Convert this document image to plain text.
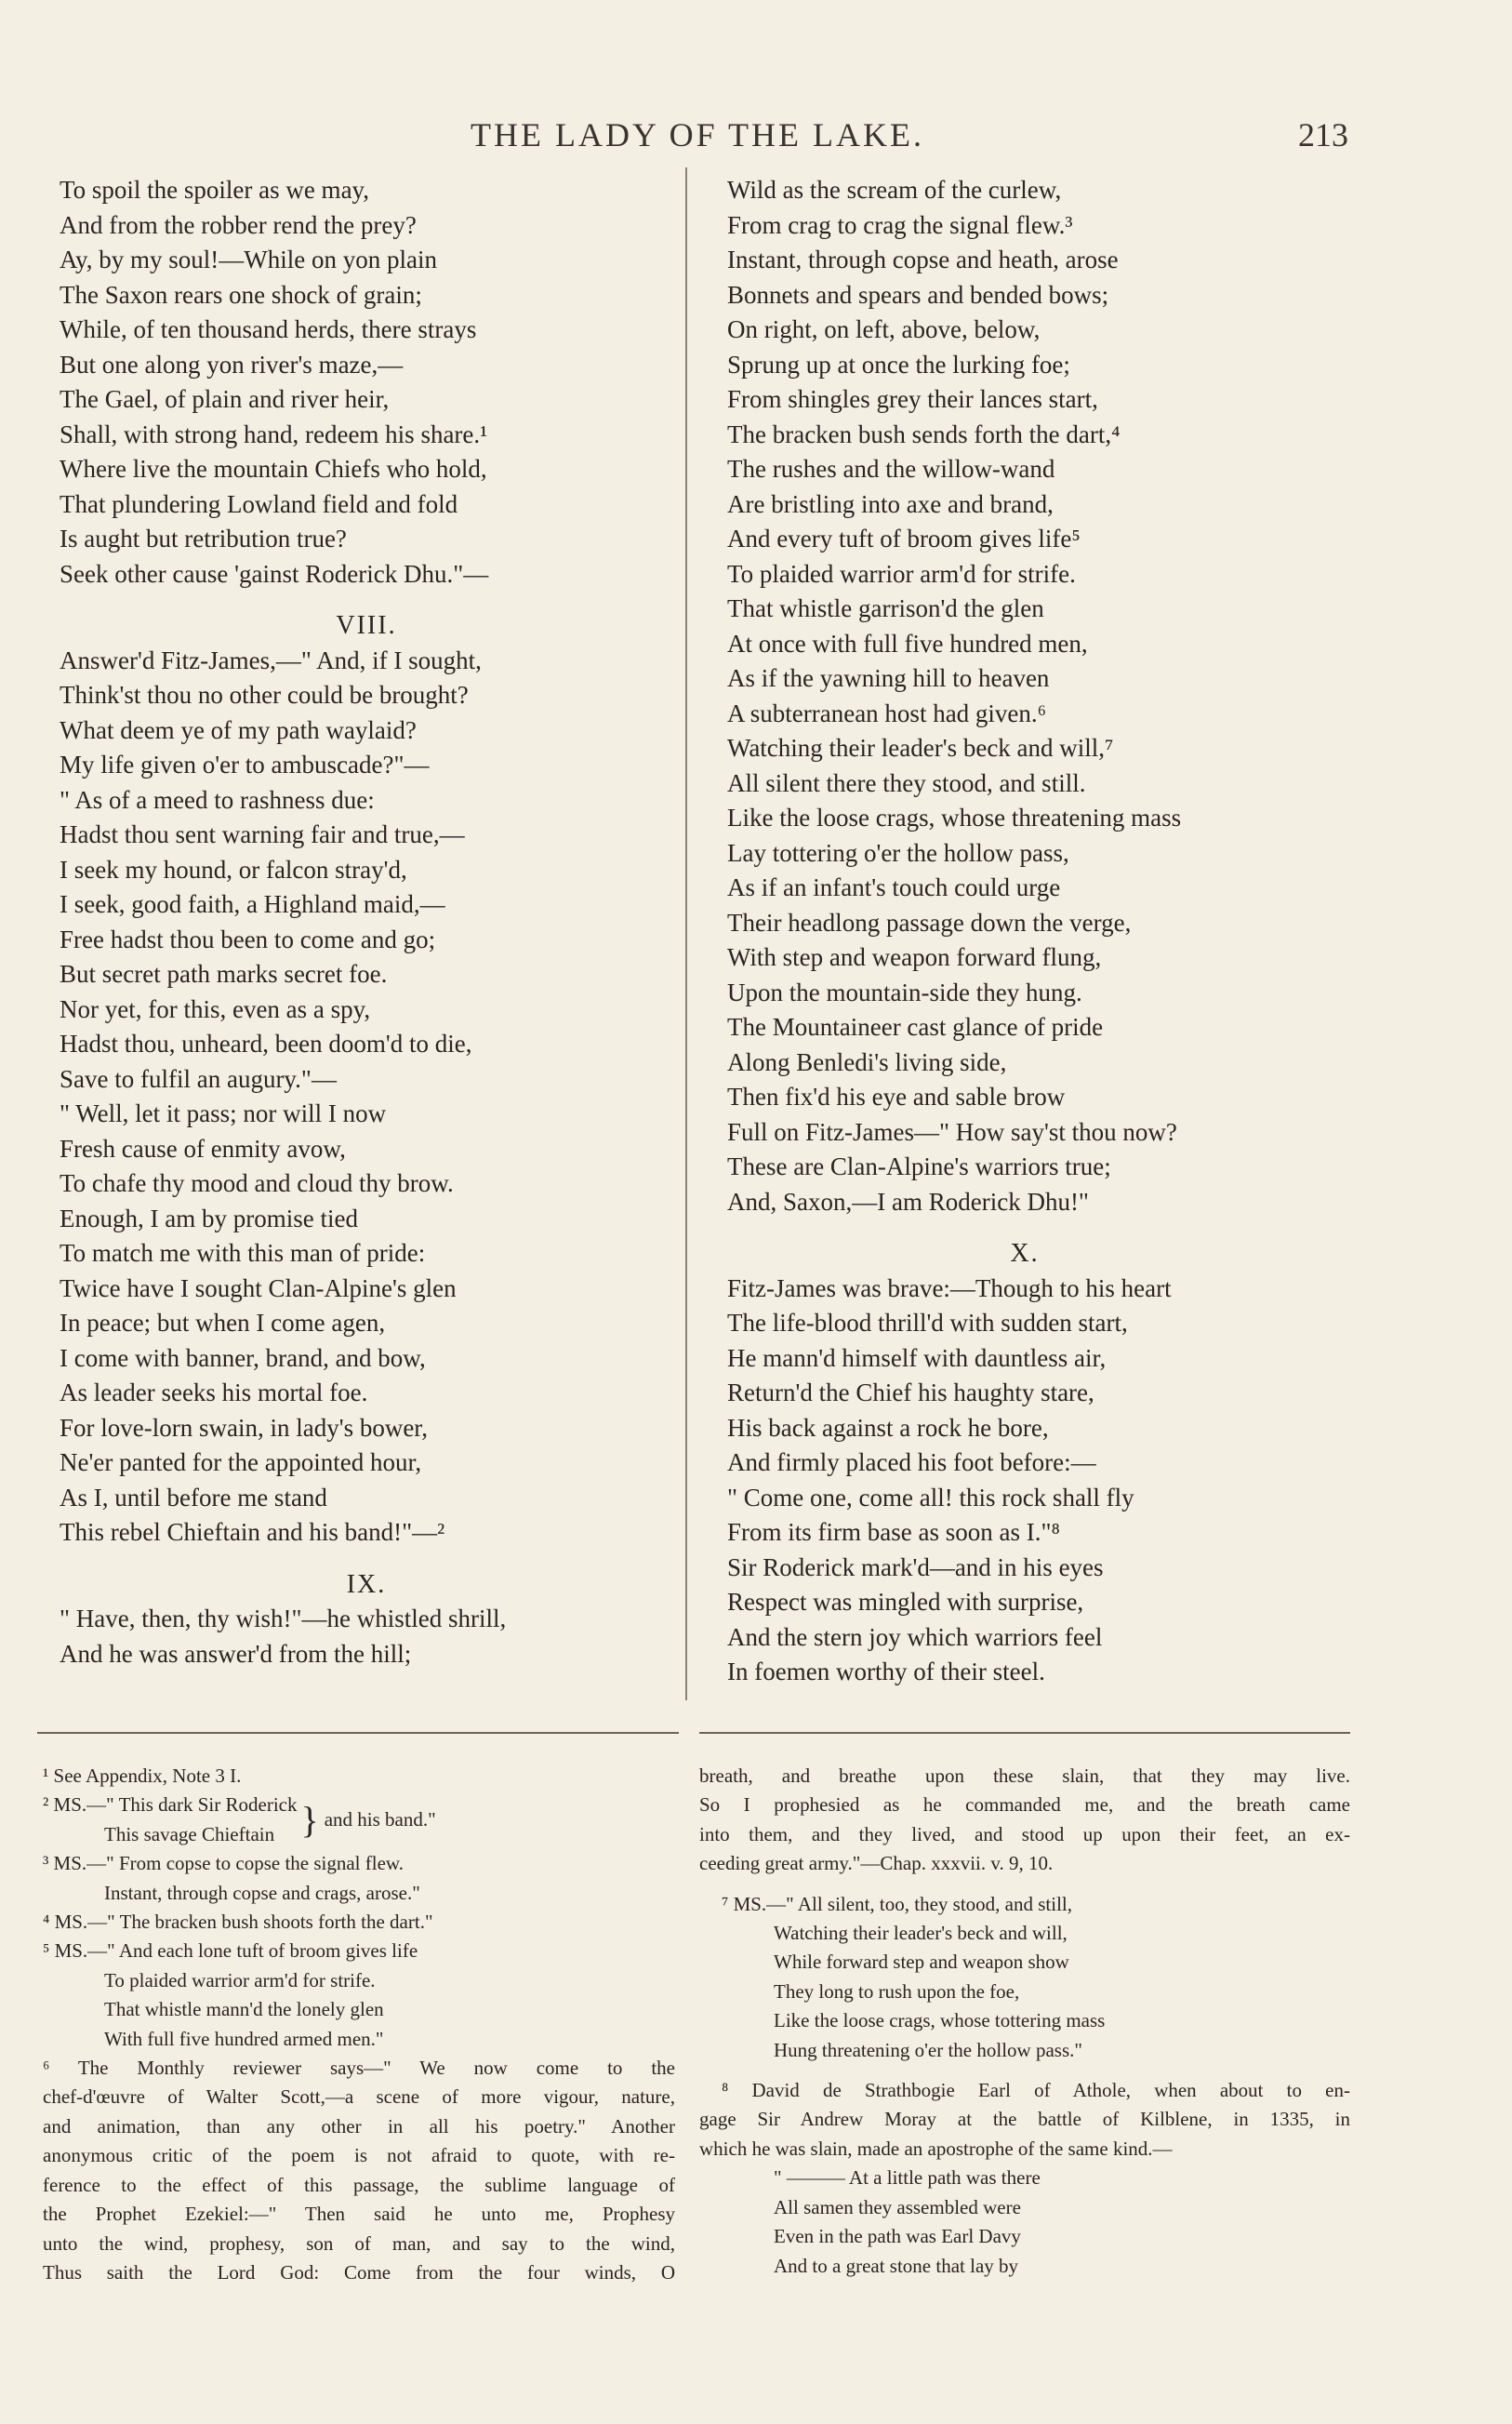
THE LADY OF THE LAKE.	213
To spoil the spoiler as we may,
And from the robber rend the prey?
Ay, by my soul!—While on yon plain
The Saxon rears one shock of grain;
While, of ten thousand herds, there strays
But one along yon river's maze,—
The Gael, of plain and river heir,
Shall, with strong hand, redeem his share.¹
Where live the mountain Chiefs who hold,
That plundering Lowland field and fold
Is aught but retribution true?
Seek other cause 'gainst Roderick Dhu."—
VIII.
Answer'd Fitz-James,—" And, if I sought,
Think'st thou no other could be brought?
What deem ye of my path waylaid?
My life given o'er to ambuscade?"—
" As of a meed to rashness due:
Hadst thou sent warning fair and true,—
I seek my hound, or falcon stray'd,
I seek, good faith, a Highland maid,—
Free hadst thou been to come and go;
But secret path marks secret foe.
Nor yet, for this, even as a spy,
Hadst thou, unheard, been doom'd to die,
Save to fulfil an augury."—
" Well, let it pass; nor will I now
Fresh cause of enmity avow,
To chafe thy mood and cloud thy brow.
Enough, I am by promise tied
To match me with this man of pride:
Twice have I sought Clan-Alpine's glen
In peace; but when I come agen,
I come with banner, brand, and bow,
As leader seeks his mortal foe.
For love-lorn swain, in lady's bower,
Ne'er panted for the appointed hour,
As I, until before me stand
This rebel Chieftain and his band!"—²
IX.
" Have, then, thy wish!"—he whistled shrill,
And he was answer'd from the hill;
Wild as the scream of the curlew,
From crag to crag the signal flew.³
Instant, through copse and heath, arose
Bonnets and spears and bended bows;
On right, on left, above, below,
Sprung up at once the lurking foe;
From shingles grey their lances start,
The bracken bush sends forth the dart,⁴
The rushes and the willow-wand
Are bristling into axe and brand,
And every tuft of broom gives life⁵
To plaided warrior arm'd for strife.
That whistle garrison'd the glen
At once with full five hundred men,
As if the yawning hill to heaven
A subterranean host had given.⁶
Watching their leader's beck and will,⁷
All silent there they stood, and still.
Like the loose crags, whose threatening mass
Lay tottering o'er the hollow pass,
As if an infant's touch could urge
Their headlong passage down the verge,
With step and weapon forward flung,
Upon the mountain-side they hung.
The Mountaineer cast glance of pride
Along Benledi's living side,
Then fix'd his eye and sable brow
Full on Fitz-James—" How say'st thou now?
These are Clan-Alpine's warriors true;
And, Saxon,—I am Roderick Dhu!"
X.
Fitz-James was brave:—Though to his heart
The life-blood thrill'd with sudden start,
He mann'd himself with dauntless air,
Return'd the Chief his haughty stare,
His back against a rock he bore,
And firmly placed his foot before:—
" Come one, come all! this rock shall fly
From its firm base as soon as I."⁸
Sir Roderick mark'd—and in his eyes
Respect was mingled with surprise,
And the stern joy which warriors feel
In foemen worthy of their steel.
¹ See Appendix, Note 3 I.
² MS.—" This dark Sir Roderick
This savage Chieftain } and his band."
³ MS.—" From copse to copse the signal flew.
Instant, through copse and crags, arose."
⁴ MS.—" The bracken bush shoots forth the dart."
⁵ MS.—" And each lone tuft of broom gives life
To plaided warrior arm'd for strife.
That whistle mann'd the lonely glen
With full five hundred armed men."
⁶ The Monthly reviewer says—" We now come to the
chef-d'œuvre of Walter Scott,—a scene of more vigour, nature,
and animation, than any other in all his poetry." Another
anonymous critic of the poem is not afraid to quote, with re-
ference to the effect of this passage, the sublime language of
the Prophet Ezekiel:—" Then said he unto me, Prophesy
unto the wind, prophesy, son of man, and say to the wind,
Thus saith the Lord God: Come from the four winds, O
breath, and breathe upon these slain, that they may live.
So I prophesied as he commanded me, and the breath came
into them, and they lived, and stood up upon their feet, an ex-
ceeding great army."—Chap. xxxvii. v. 9, 10.
⁷ MS.—" All silent, too, they stood, and still,
Watching their leader's beck and will,
While forward step and weapon show
They long to rush upon the foe,
Like the loose crags, whose tottering mass
Hung threatening o'er the hollow pass."
⁸ David de Strathbogie Earl of Athole, when about to en-
gage Sir Andrew Moray at the battle of Kilblene, in 1335, in
which he was slain, made an apostrophe of the same kind.—
" ——— At a little path was there
All samen they assembled were
Even in the path was Earl Davy
And to a great stone that lay by
